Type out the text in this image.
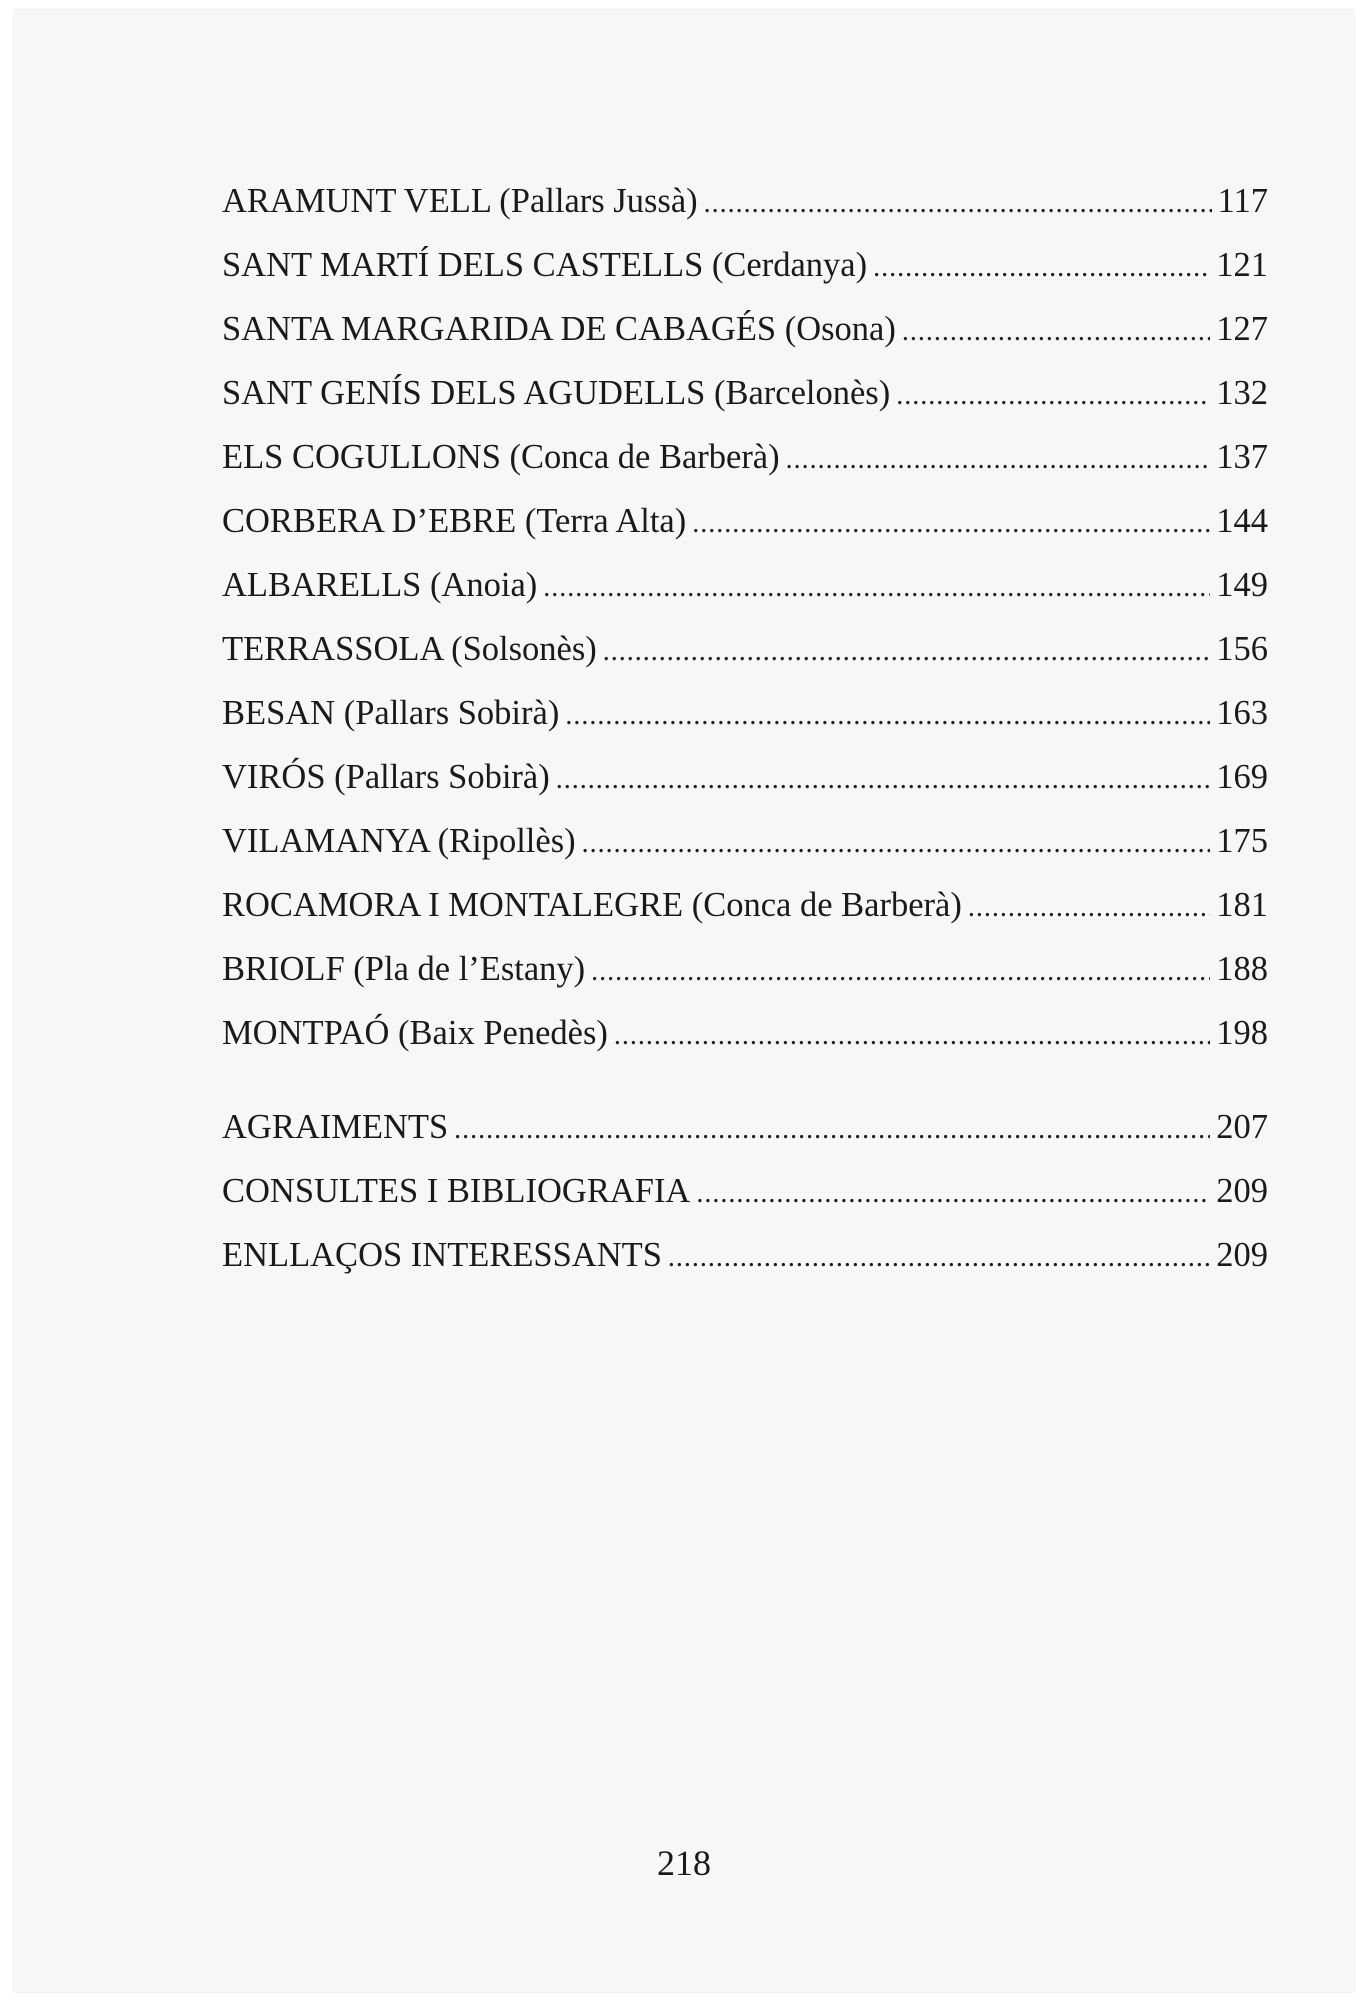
ARAMUNT VELL (Pallars Jussà) .....	117
SANT MARTÍ DELS CASTELLS (Cerdanya) .....	121
SANTA MARGARIDA DE CABAGÉS (Osona) .....	127
SANT GENÍS DELS AGUDELLS (Barcelonès) .....	132
ELS COGULLONS (Conca de Barberà) .....	137
CORBERA D’EBRE (Terra Alta) .....	144
ALBARELLS (Anoia) .....	149
TERRASSOLA (Solsonès) .....	156
BESAN (Pallars Sobirà) .....	163
VIRÓS (Pallars Sobirà) .....	169
VILAMANYA (Ripollès) .....	175
ROCAMORA I MONTALEGRE (Conca de Barberà) .....	181
BRIOLF (Pla de l’Estany) .....	188
MONTPAÓ (Baix Penedès) .....	198
AGRAIMENTS .....	207
CONSULTES I BIBLIOGRAFIA .....	209
ENLLAÇOS INTERESSANTS .....	209
218
